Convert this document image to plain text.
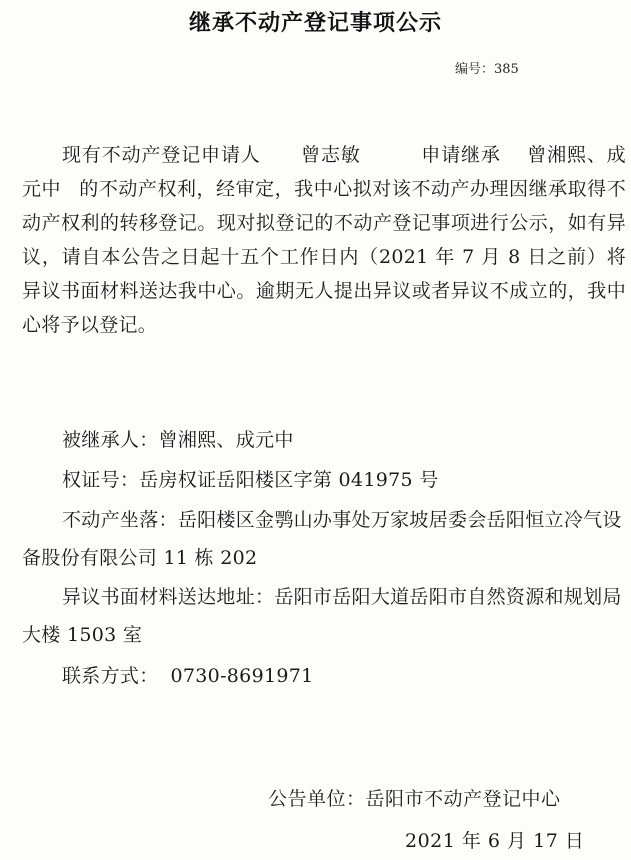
继承不动产登记事项公示
编号：385

现有不动产登记申请人 曾志敏	申请继承 曾湘熙、成元中 的不动产权利，经审定，我中心拟对该不动产办理因继承取得不动产权利的转移登记。现对拟登记的不动产登记事项进行公示，如有异议，请自本公告之日起十五个工作日内（2021 年 7 月 8 日之前）将异议书面材料送达我中心。逾期无人提出异议或者异议不成立的，我中心将予以登记。

被继承人：曾湘熙、成元中

权证号：岳房权证岳阳楼区字第 041975 号

不动产坐落：岳阳楼区金鹗山办事处万家坡居委会岳阳恒立冷气设备股份有限公司 11 栋 202

异议书面材料送达地址：岳阳市岳阳大道岳阳市自然资源和规划局大楼 1503 室

联系方式： 0730-8691971

公告单位：岳阳市不动产登记中心
2021 年 6 月 17 日
